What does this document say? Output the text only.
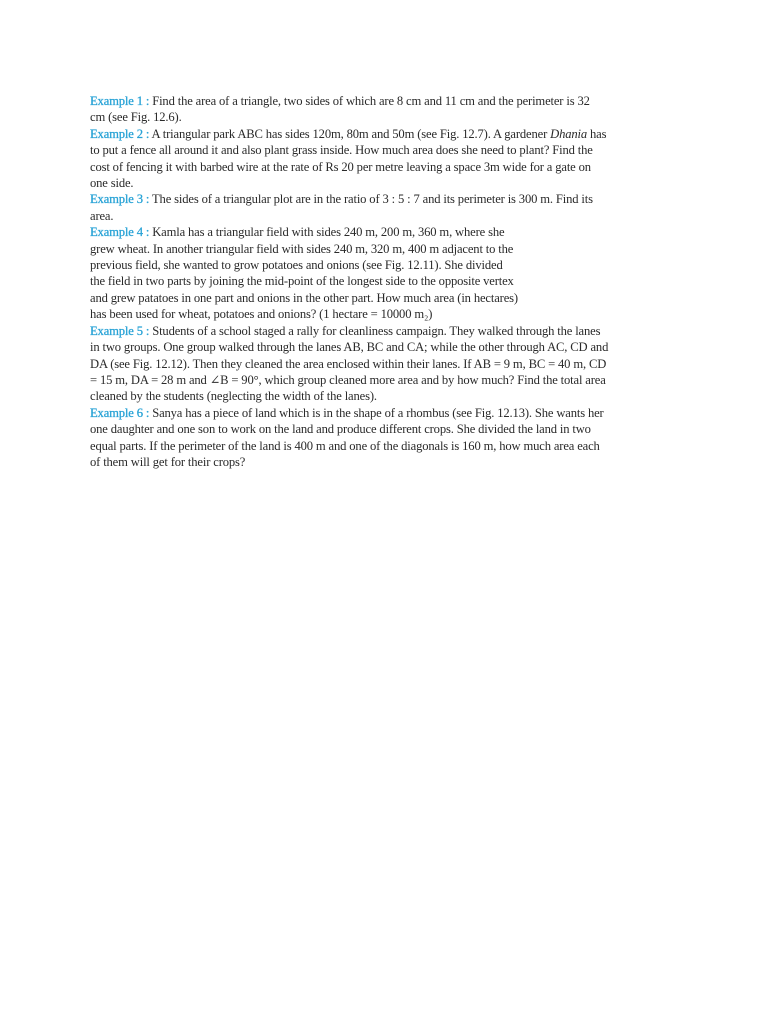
Example 1 : Find the area of a triangle, two sides of which are 8 cm and 11 cm and the perimeter is 32
cm (see Fig. 12.6).
Example 2 : A triangular park ABC has sides 120m, 80m and 50m (see Fig. 12.7). A gardener Dhania has
to put a fence all around it and also plant grass inside. How much area does she need to plant? Find the
cost of fencing it with barbed wire at the rate of Rs 20 per metre leaving a space 3m wide for a gate on
one side.
Example 3 : The sides of a triangular plot are in the ratio of 3 : 5 : 7 and its perimeter is 300 m. Find its
area.
Example 4 : Kamla has a triangular field with sides 240 m, 200 m, 360 m, where she
grew wheat. In another triangular field with sides 240 m, 320 m, 400 m adjacent to the
previous field, she wanted to grow potatoes and onions (see Fig. 12.11). She divided
the field in two parts by joining the mid-point of the longest side to the opposite vertex
and grew patatoes in one part and onions in the other part. How much area (in hectares)
has been used for wheat, potatoes and onions? (1 hectare = 10000 m₂)
Example 5 : Students of a school staged a rally for cleanliness campaign. They walked through the lanes
in two groups. One group walked through the lanes AB, BC and CA; while the other through AC, CD and
DA (see Fig. 12.12). Then they cleaned the area enclosed within their lanes. If AB = 9 m, BC = 40 m, CD
= 15 m, DA = 28 m and ∠B = 90°, which group cleaned more area and by how much? Find the total area
cleaned by the students (neglecting the width of the lanes).
Example 6 : Sanya has a piece of land which is in the shape of a rhombus (see Fig. 12.13). She wants her
one daughter and one son to work on the land and produce different crops. She divided the land in two
equal parts. If the perimeter of the land is 400 m and one of the diagonals is 160 m, how much area each
of them will get for their crops?
